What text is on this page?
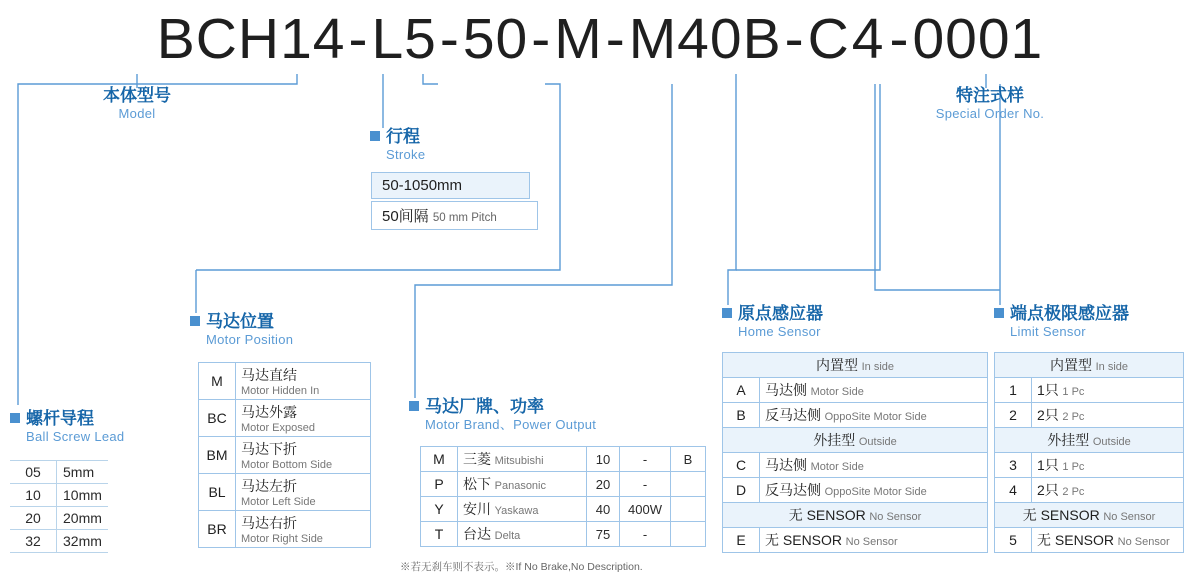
BCH14-L5-50-M-M40B-C4-0001
本体型号
Model
特注式样
Special Order No.
行程
Stroke
50-1050mm
50间隔 50 mm Pitch
螺杆导程
Ball Screw Lead
05	5mm
10	10mm
20	20mm
32	32mm
马达位置
Motor Position
M	马达直结
Motor Hidden In

BC	马达外露
Motor Exposed

BM	马达下折
Motor Bottom Side

BL	马达左折
Motor Left Side

BR	马达右折
Motor Right Side
马达厂牌、功率
Motor Brand、Power Output
M	三菱 Mitsubishi	10	-	B
P	松下 Panasonic	20	-	
Y	安川 Yaskawa	40	400W	
T	台达 Delta	75	-	
※若无刹车则不表示。※If No Brake,No Description.
原点感应器
Home Sensor
内置型 In side	
A	马达侧 Motor Side
B	反马达侧 OppoSite Motor Side
外挂型 Outside	
C	马达侧 Motor Side
D	反马达侧 OppoSite Motor Side
无 SENSOR No Sensor	
E	无 SENSOR No Sensor
端点极限感应器
Limit Sensor
内置型 In side	
1	1只 1 Pc
2	2只 2 Pc
外挂型 Outside	
3	1只 1 Pc
4	2只 2 Pc
无 SENSOR No Sensor	
5	无 SENSOR No Sensor
